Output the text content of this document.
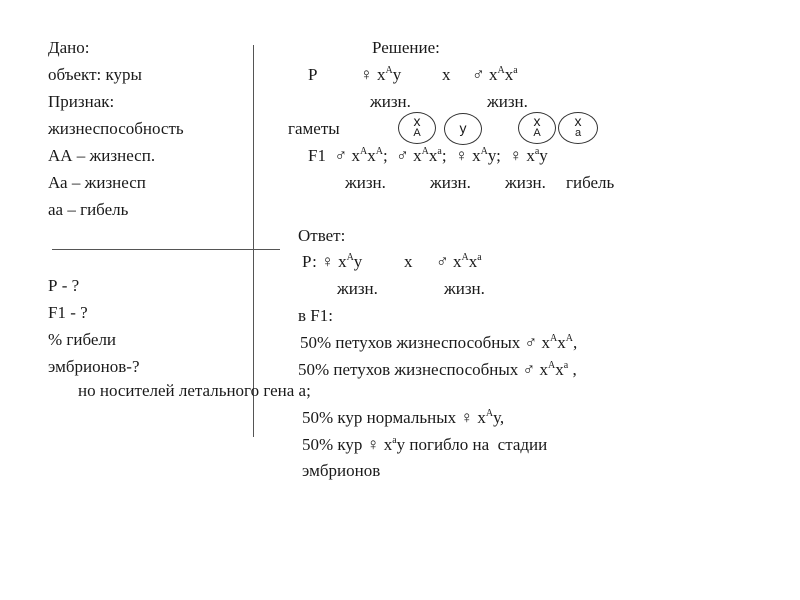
Дано:
объект: куры
Признак:
жизнеспособность
АА – жизнесп.
Аа – жизнесп
аа – гибель
Р - ?
F1 - ?
% гибели
эмбрионов-?
Решение:
Р	♀ $х^Ау$ х ♂ $х^Ах^а$
жизн.	жизн.
гаметы	х
А	у	х
А
х
а
F1 ♂ $х^Ах^А$; ♂ $х^Ах^а$; ♀ $х^Ау$; ♀ $х^ау$
жизн.	жизн. жизн. гибель
Ответ:
Р: ♀ $х^Ау$ х ♂ $х^Ах^а$
жизн.	жизн.
в F1:
50% петухов жизнеспособных ♂ $х^Ах^А$,
50% петухов жизнеспособных ♂ $х^Ах^а$ ,
но носителей летального гена а;
50% кур нормальных ♀ $х^Ау$,
50% кур ♀ $х^ау$ погибло на  стадии
эмбрионов
